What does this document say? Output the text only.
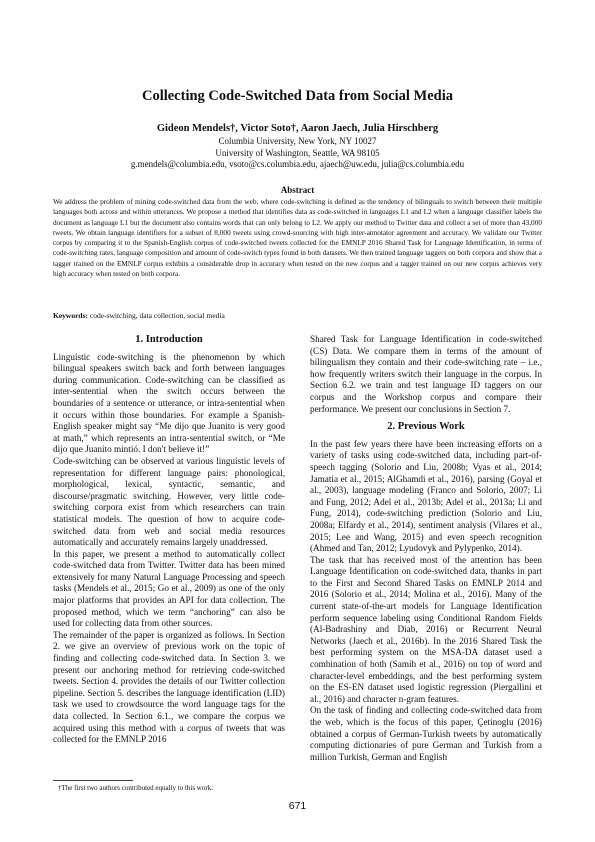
Collecting Code-Switched Data from Social Media
Gideon Mendels†, Victor Soto†, Aaron Jaech, Julia Hirschberg

Columbia University, New York, NY 10027

University of Washington, Seattle, WA 98105

g.mendels@columbia.edu, vsoto@cs.columbia.edu, ajaech@uw.edu, julia@cs.columbia.edu

Abstract

We address the problem of mining code-switched data from the web, where code-switching is defined as the tendency of bilinguals to switch between their multiple languages both across and within utterances. We propose a method that identifies data as code-switched in languages L1 and L2 when a language classifier labels the document as language L1 but the document also contains words that can only belong to L2. We apply our method to Twitter data and collect a set of more than 43,000 tweets. We obtain language identifiers for a subset of 8,000 tweets using crowd-sourcing with high inter-annotator agreement and accuracy. We validate our Twitter corpus by comparing it to the Spanish-English corpus of code-switched tweets collected for the EMNLP 2016 Shared Task for Language Identification, in terms of code-switching rates, language composition and amount of code-switch types found in both datasets. We then trained language taggers on both corpora and show that a tagger trained on the EMNLP corpus exhibits a considerable drop in accuracy when tested on the new corpus and a tagger trained on our new corpus achieves very high accuracy when tested on both corpora.

Keywords: code-switching, data collection, social media
1. Introduction

Linguistic code-switching is the phenomenon by which bilingual speakers switch back and forth between languages during communication. Code-switching can be classified as inter-sentential when the switch occurs between the boundaries of a sentence or utterance, or intra-sentential when it occurs within those boundaries. For example a Spanish-English speaker might say “Me dijo que Juanito is very good at math,” which represents an intra-sentential switch, or “Me dijo que Juanito mintió. I don't believe it!”

Code-switching can be observed at various linguistic levels of representation for different language pairs: phonological, morphological, lexical, syntactic, semantic, and discourse/pragmatic switching. However, very little code-switching corpora exist from which researchers can train statistical models. The question of how to acquire code-switched data from web and social media resources automatically and accurately remains largely unaddressed.

In this paper, we present a method to automatically collect code-switched data from Twitter. Twitter data has been mined extensively for many Natural Language Processing and speech tasks (Mendels et al., 2015; Go et al., 2009) as one of the only major platforms that provides an API for data collection. The proposed method, which we term “anchoring” can also be used for collecting data from other sources.

The remainder of the paper is organized as follows. In Section 2. we give an overview of previous work on the topic of finding and collecting code-switched data. In Section 3. we present our anchoring method for retrieving code-switched tweets. Section 4. provides the details of our Twitter collection pipeline. Section 5. describes the language identification (LID) task we used to crowdsource the word language tags for the data collected. In Section 6.1., we compare the corpus we acquired using this method with a corpus of tweets that was collected for the EMNLP 2016

Shared Task for Language Identification in code-switched (CS) Data. We compare them in terms of the amount of bilingualism they contain and their code-switching rate – i.e., how frequently writers switch their language in the corpus. In Section 6.2. we train and test language ID taggers on our corpus and the Workshop corpus and compare their performance. We present our conclusions in Section 7.

2. Previous Work

In the past few years there have been increasing efforts on a variety of tasks using code-switched data, including part-of-speech tagging (Solorio and Liu, 2008b; Vyas et al., 2014; Jamatia et al., 2015; AlGhamdi et al., 2016), parsing (Goyal et al., 2003), language modeling (Franco and Solorio, 2007; Li and Fung, 2012; Adel et al., 2013b; Adel et al., 2013a; Li and Fung, 2014), code-switching prediction (Solorio and Liu, 2008a; Elfardy et al., 2014), sentiment analysis (Vilares et al., 2015; Lee and Wang, 2015) and even speech recognition (Ahmed and Tan, 2012; Lyudovyk and Pylypenko, 2014).

The task that has received most of the attention has been Language Identification on code-switched data, thanks in part to the First and Second Shared Tasks on EMNLP 2014 and 2016 (Solorio et al., 2014; Molina et al., 2016). Many of the current state-of-the-art models for Language Identification perform sequence labeling using Conditional Random Fields (Al-Badrashiny and Diab, 2016) or Recurrent Neural Networks (Jaech et al., 2016b). In the 2016 Shared Task the best performing system on the MSA-DA dataset used a combination of both (Samih et al., 2016) on top of word and character-level embeddings, and the best performing system on the ES-EN dataset used logistic regression (Piergallini et al., 2016) and character n-gram features.

On the task of finding and collecting code-switched data from the web, which is the focus of this paper, Çetinoglu (2016) obtained a corpus of German-Turkish tweets by automatically computing dictionaries of pure German and Turkish from a million Turkish, German and English

†The first two authors contributed equally to this work.
671
